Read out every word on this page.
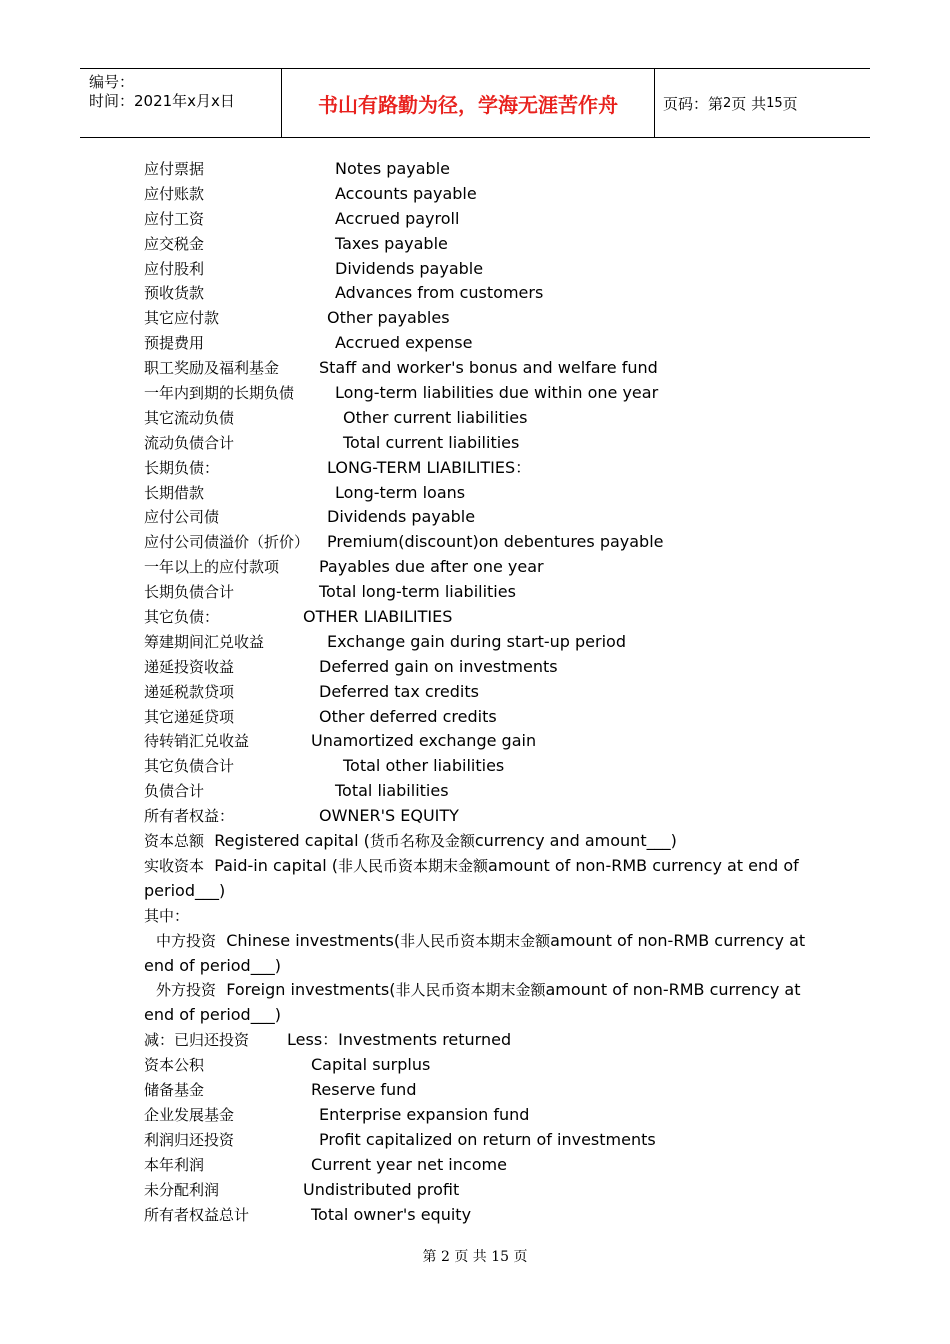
编号：
时间：2021年x月x日	书山有路勤为径，学海无涯苦作舟	页码：第 2 页 共 15 页
应付票据	Notes payable
应付账款	Accounts payable
应付工资	Accrued payroll
应交税金	Taxes payable
应付股利	Dividends payable
预收货款	Advances from customers
其它应付款	Other payables
预提费用	Accrued expense
职工奖励及福利基金 Staff and worker's bonus and welfare fund
一年内到期的长期负债	Long-term liabilities due within one year
其它流动负债	Other current liabilities
流动负债合计	Total current liabilities
长期负债：	LONG-TERM LIABILITIES：
长期借款	Long-term loans
应付公司债	Dividends payable
应付公司债溢价（折价） Premium(discount)on debentures payable
一年以上的应付款项 Payables due after one year
长期负债合计	Total long-term liabilities
其它负债：	OTHER LIABILITIES
筹建期间汇兑收益	Exchange gain during start-up period
递延投资收益	Deferred gain on investments
递延税款贷项	Deferred tax credits
其它递延贷项	Other deferred credits
待转销汇兑收益	Unamortized exchange gain
其它负债合计	Total other liabilities
负债合计	Total liabilities
所有者权益：	OWNER'S EQUITY
资本总额 Registered capital (货币名称及金额currency and amount___)
实收资本 Paid-in capital (非人民币资本期末金额amount of non-RMB currency at end of period___)
其中：
中方投资 Chinese investments(非人民币资本期末金额amount of non-RMB currency at end of period___)
外方投资 Foreign investments(非人民币资本期末金额amount of non-RMB currency at end of period___)
减：已归还投资 Less：Investments returned
资本公积	Capital surplus
储备基金	Reserve fund
企业发展基金	Enterprise expansion fund
利润归还投资	Profit capitalized on return of investments
本年利润	Current year net income
未分配利润	Undistributed profit
所有者权益总计	Total owner's equity
第 2 页 共 15 页
